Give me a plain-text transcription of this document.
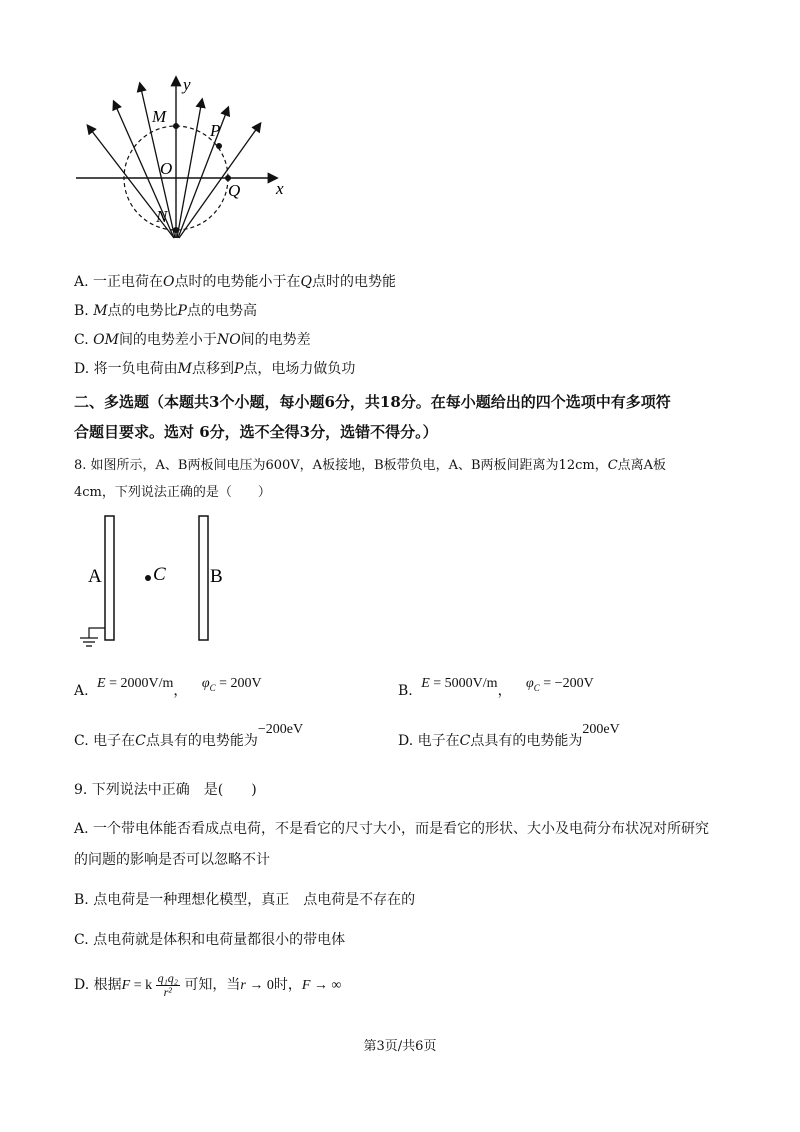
y
x
M
P
O
Q
N
A. 一正电荷在O点时的电势能小于在Q点时的电势能
B. M点的电势比P点的电势高
C. OM间的电势差小于NO间的电势差
D. 将一负电荷由M点移到P点，电场力做负功
二、多选题（本题共3个小题，每小题6分，共18分。在每小题给出的四个选项中有多项符
合题目要求。选对 6分，选不全得3分，选错不得分。）
8. 如图所示，A、B两板间电压为600V，A板接地，B板带负电，A、B两板间距离为12cm，C点离A板
4cm，下列说法正确的是（　　）
A	B
C
A. E = 2000V/m， $\varphi_C = 200V$	B. E = 5000V/m， $\varphi_C = -200V$
C. 电子在C点具有的电势能为−200eV
D. 电子在C点具有的电势能为200eV
9. 下列说法中正确　是(　　)
A. 一个带电体能否看成点电荷，不是看它的尺寸大小，而是看它的形状、大小及电荷分布状况对所研究
的问题的影响是否可以忽略不计
B. 点电荷是一种理想化模型，真正　点电荷是不存在的
C. 点电荷就是体积和电荷量都很小的带电体
D. 根据F = k $\frac{\text{q₁q₂}}{\text{r²}}$ 可知，当r → 0时，F → ∞
第3页/共6页
